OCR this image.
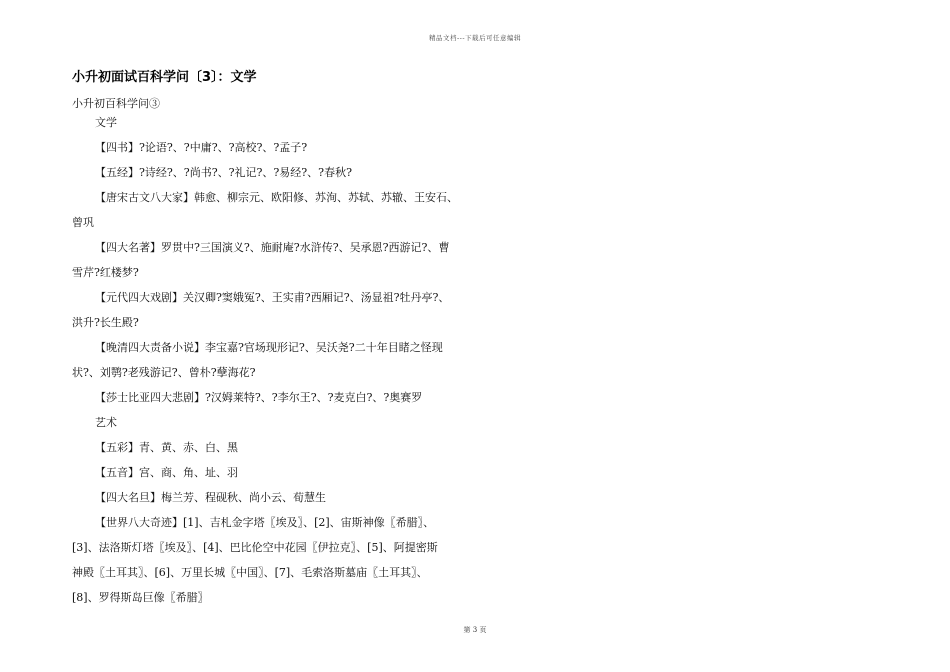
精品文档---下载后可任意编辑
小升初面试百科学问〔3〕：文学
小升初百科学问③
文学
【四书】?论语?、?中庸?、?高校?、?孟子?
【五经】?诗经?、?尚书?、?礼记?、?易经?、?春秋?
【唐宋古文八大家】韩愈、柳宗元、欧阳修、苏洵、苏轼、苏辙、王安石、
曾巩
【四大名著】罗贯中?三国演义?、施耐庵?水浒传?、吴承恩?西游记?、曹
雪芹?红楼梦?
【元代四大戏剧】关汉卿?窦娥冤?、王实甫?西厢记?、汤显祖?牡丹亭?、
洪升?长生殿?
【晚清四大责备小说】李宝嘉?官场现形记?、吴沃尧?二十年目睹之怪现
状?、刘鹗?老残游记?、曾朴?孽海花?
【莎士比亚四大悲剧】?汉姆莱特?、?李尔王?、?麦克白?、?奥赛罗
艺术
【五彩】青、黄、赤、白、黑
【五音】宫、商、角、址、羽
【四大名旦】梅兰芳、程砚秋、尚小云、荀慧生
【世界八大奇迹】[1]、吉札金字塔〖埃及〗、[2]、宙斯神像〖希腊〗、
[3]、法洛斯灯塔〖埃及〗、[4]、巴比伦空中花园〖伊拉克〗、[5]、阿提密斯
神殿〖土耳其〗、[6]、万里长城〖中国〗、[7]、毛索洛斯墓庙〖土耳其〗、
[8]、罗得斯岛巨像〖希腊〗
第 3 页
